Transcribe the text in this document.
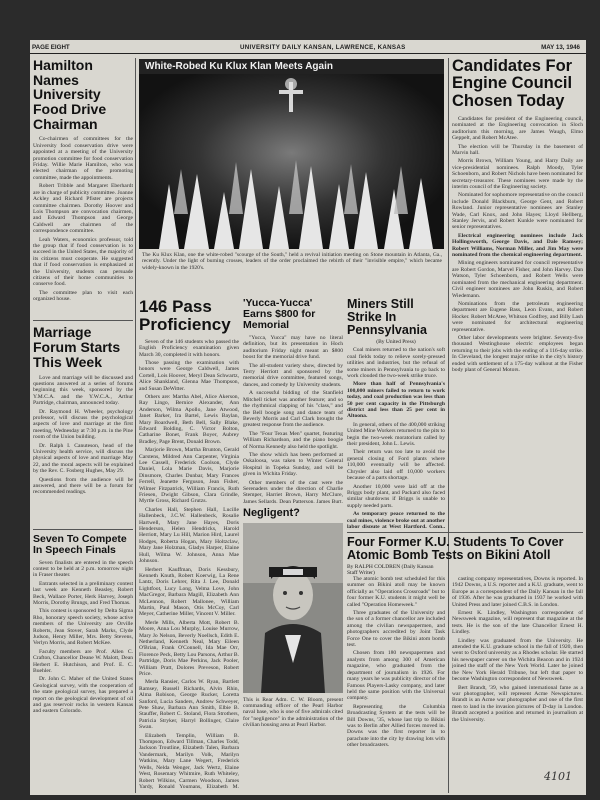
PAGE EIGHT	UNIVERSITY DAILY KANSAN, LAWRENCE, KANSAS	MAY 13, 1946
Hamilton Names University Food Drive Chairman

Co-chairmen of committees for the University food conservation drive were appointed at a meeting of the University promotion committee for food conservation Friday. Willie Marie Hamilton, who was elected chairman of the promoting committee, made the appointments.

Robert Tribble and Margaret Eberhardt are in charge of publicity committee. Joanne Ackley and Richard Pfister are projects committee chairmen. Dorothy Hoover and Lois Thompson are convocation chairmen, and Edward Thompson and George Caldwell are chairmen of the correspondence committee.

Leah Waters, economics professor, told the group that if food conservation is to succeed in the United States, the majority of its citizens must cooperate. He suggested that if food conservation is emphasized at the University, students can persuade citizens of their home communities to conserve food.

The committee plan to visit each organized house.

Marriage Forum Starts This Week

Love and marriage will be discussed and questions answered at a series of forums beginning this week, sponsored by the Y.M.C.A. and the Y.W.C.A., Arthur Partridge, chairman, announced today.

Dr. Raymond H. Wheeler, psychology professor, will discuss the psychological aspects of love and marriage at the first meeting, Wednesday at 7:30 p.m. in the Pine room of the Union building.

Dr. Ralph I. Canuteson, head of the University health service, will discuss the physical aspects of love and marriage May 22, and the moral aspects will be explained by the Rev. C. Fosberg Hughes, May 29.

Questions from the audience will be answered, and there will be a forum for recommended readings.

Seven To Compete In Speech Finals

Seven finalists are entered in the speech contest to be held at 2 p.m. tomorrow night in Fraser theater.

Entrants selected in a preliminary contest last week are Kenneth Beasley, Robert Beck, Wallace Porter, Herk Harvey, Joseph Morris, Dorothy Brungs, and Fred Thomas.

This contest is sponsored by Delta Sigma Rho, honorary speech society, whose active members of the University are Orville Roberts, Jean Stover, Sarah Marks, Clyde Judson, Henry Miller, Mrs. Betty Stevens, Verlyn Morris, and Robert McKee.

Faculty members are Prof. Allen C. Crafton, Chancellor Deane W. Malott, Dean Herbert E. Hutchison, and Prof. E. C. Buehler.

Dr. John C. Maher of the United States Geological survey, with the cooperation of the state geological survey, has prepared a report on the geological development of oil and gas reservoir rocks in western Kansas and eastern Colorado.

White-Robed Ku Klux Klan Meets Again
The Ku Klux Klan, one the white-robed "scourge of the South," held a revival initiation meeting on Stone mountain in Atlanta, Ga., recently. Under the light of burning crosses, leaders of the order proclaimed the rebirth of their "invisible empire," which became widely-known in the 1920's.
146 Pass Proficiency

Seven of the 146 students who passed the English Proficiency examination given March 30, completed it with honors.

Those passing the examination with honors were George Caldwell, James Cortell, Lois Hoover, Meryl Dean Schwartz, Alice Shankland, Glenna Mae Thompson, and Susan DeWitter.

Others are: Martha Abel, Alice Akerson, Ray Lingo, Bernice Alexander, Ann Anderson, Wilma Apollo, Jane Atwood, Janet Barker, Ira Bartel, Lewis Baylan, Mary Boardwell, Beth Bell, Sally Blake, Edward Bolding, C. Victor Bolton, Catharine Bonet, Frank Boyer, Aubrey Bradley, Page Brent, Donald Brown.

Marjorie Brown, Martha Brunton, Gerald Carstens, Mildred Ann Carpenter, Virginia Lee Cassell, Frederick Coolson, Clyde Daniel, Lola Marie Davis, Marjorie Dinsmore, Charles Dunbar, Mary Frances Ferrell, Jeanette Ferguson, Jean Fisher, Wilmer Fitzpatrick, William Francis, Ruth Friesen, Dwight Gibson, Clara Grindle, Myrtle Gross, Richard Grutzs.

Charles Hall, Stephen Hall, Lucille Hallenbeck, J.C.W. Hallenbeck, Rosalie Hartwell, Mary Jane Hayes, Doris Henderson, Helen Hendricks, Harold Herriott, Mary Lu Hill, Marion Hird, Laurel Hodges, Roberta Hogan, Mary Holtzclaw, Mary Jane Holzman, Gladys Harper, Elaine Hull, Wilma W. Johnson, Anna Mae Johnson.

Herbert Kauffman, Doris Kessbury, Kenneth Knuth, Robert Koerwig, La Rene Lantz, Doris Lehrer, Rita J. Lee, Donald Lightfoot, Lucy Long, Velma Love, John MacGregor, Barbara Magill, Elizabeth Ann McLennon, Robert Mallonee, William Martin, Paul Mason, Otis McCoy, Carl Meyer, Catherine Miller, Vincent V. Miller.

Merle Mills, Alberta Mott, Robert B. Moore, Anna Lou Murphy, Louise Murrow, Mary Jo Nelson, Beverly Noellsch, Edith E. Netherland, Kenneth Neal, Mary Eileen O'Brian, Frank O'Connell, Ida Mae Orr, Florence Peck, Betty Lou Parsons, Arthur B. Partridge, Doris Mae Perkins, Jack Pooler, William Pratt, Dolores Preveson, Robert Price.

Merla Ransier, Carlos W. Ryan, Bartlett Ramsey, Russell Richards, Alvin Rhin, Alma Robison, George Rucker, Loretta Sanford, Lucia Sanders, Andrew Schweyer, Pete Shaw, Barbara Ann Smith, Elbie B. Stauffer, Robert C. Stoland, Flora Strothers, Patricia Stryker, Harryl Bollinger, Claire Swan.

Elizabeth Templin, William B. Thompson, Edward Tillman, Charles Todd, Jackson Troutline, Elizabeth Talen, Barbara Vandermark, Marilyn Volk, Marilyn Watkins, Mary Lane Wegert, Frederick Wells, Nelda Wenger, Jack Wertz, Elaine West, Rosemary Whitmire, Ruth Whiteley, Robert Wilkins, Carmen Woodson, James Yardy, Ronald Youmans, Elizabeth M.

'Yucca-Yucca' Earns $800 for Memorial

"Yucca, Yucca" may have no literal definition, but its presentation in Hoch auditorium Friday night meant an $800 boost for the memorial drive fund.

The all-student variety show, directed by Terry Herriott and sponsored by the memorial drive committee, featured songs, dances, and comedy by University students.

A successful bidding of the Stanfield Mitchell ticket was another feature; and so the rhythmical clapping of his "class," and the Bell boogie song and dance team of Beverly Morris and Carl Clark brought the greatest response from the audience.

The "Four Texas Men" quartet, featuring William Richardson, and the piano boogie of Norma Kennedy also held the spotlight.

The show which has been performed at Oskaloosa, was taken to Winter General Hospital in Topeka Sunday, and will be given in Wichita Friday.

Other members of the cast were the Serenaders under the direction of Charlie Stemper, Harriet Brown, Harry McClure, James Sellards, Dean Patterson, James Burt,

Negligent?
This is Rear Adm. C. W. Bloom, present commanding officer of the Pearl Harbor naval base, who is one of five admirals cited for "negligence" in the administration of the civilian housing area at Pearl Harbor.
Miners Still Strike In Pennsylvania
(By United Press)

Coal miners returned to the nation's soft coal fields today to relieve sorely-pressed utilities and industries, but the refusal of some miners in Pennsylvania to go back to work clouded the two-week strike truce.

More than half of Pennsylvania's 100,000 miners failed to return to work today, and coal production was less than 50 per cent capacity in the Pittsburgh district and less than 25 per cent in Altoona.

In general, others of the 400,000 striking United Mine Workers returned to the pits to begin the two-week moratorium called by their president, John L. Lewis.

Their return was too late to avoid the general closing of Ford plants where 110,000 eventually will be affected. Chrysler also laid off 10,000 workers because of a parts shortage.

Another 10,000 were laid off at the Briggs body plant, and Packard also faced similar shutdowns if Briggs is unable to supply needed parts.

As temporary peace returned to the coal mines, violence broke out at another labor dispute at West Hartford, Conn.,

Four Former K.U. Students To Cover Atomic Bomb Tests on Bikini Atoll
By RALPH COLDREN (Daily Kansan Staff Writer)

The atomic bomb test scheduled for this summer on Bikini atoll may be known officially as "Operations Crossroads" but to four former K.U. students it might well be called "Operation Homeweek."

Three graduates of the University and the son of a former chancellor are included among the civilian newspapermen, and photographers accredited by Joint Task Force One to cover the Bikini atom bomb test.

Chosen from 180 newspapermen and analysts from among 300 of American magazine, who graduated from the department of journalism in 1926. For many years he was publicity director of the Famous Players-Lasky company, and later held the same position with the Universal company.

Representing the Columbia Broadcasting System at the tests will be Bill Downs, '35, whose last trip to Bikini was to Berlin after Allied forces moved in. Downs was the first reporter in to parachute into the city by drawing lots with other broadcasters.

casting company representatives, Downs is reported. In 1942 Downs, a U.S. reporter and a K.U. graduate, went to Europe as a correspondent of the Daily Kansan in the fall of 1936. After he was graduated in 1937 he worked with United Press and later joined C.B.S. in London.

Ernest K. Lindley, Washington correspondent of Newsweek magazine, will represent that magazine at the tests. He is the son of the late Chancellor Ernest H. Lindley.

Lindley was graduated from the University. He attended the K.U. graduate school in the fall of 1920, then went to Oxford university as a Rhodes scholar. He started his newspaper career on the Wichita Beacon and in 1924 joined the staff of the New York World. Later he joined the New York Herald Tribune, but left that paper to become Washington correspondent of Newsweek.

Bert Brandt, '39, who gained international fame as a war photographer, will represent Acme Newspictures. Brandt is an Acme war photographer and one of the first men to land in the invasion pictures of D-day in London. Brandt accepted a position and returned in journalism at the University.

Candidates For Engine Council Chosen Today

Candidates for president of the Engineering council, nominated at the Engineering convocation in Sloch auditorium this morning, are James Waugh, Elmo Geppelt, and Robert McAtee.

The election will be Thursday in the basement of Marvin hall.

Morris Brown, William Young, and Harry Daily are vice-presidential nominees. Ralph Moody, Tyler Schoenborn, and Robert Nichols have been nominated for secretary-treasurer. These nominees were made by the interim council of the Engineering society.

Nominated for sophomore representative on the council include Donald Blackburn, George Gent, and Robert Rowland. Junior representative nominees are Stanley Wade, Carl Knox, and John Hayes; Lloyd Hellberg, Stanley Jervis, and Robert Kunkle were nominated for senior representatives.

Electrical engineering nominees include Jack Hollingsworth, George Davis, and Dale Ramsey; Robert Williams, Norman Miller, and Jim May were nominated from the chemical engineering department.

Mining engineers nominated for council representative are Robert Gordon, Marvel Fisher, and John Harvey. Dan Watson, Tyler Schoenborn, and Robert Wells were nominated from the mechanical engineering department. Civil engineer nominees are John Ruskin, and Robert Wiedemann.

Nominations from the petroleum engineering department are Eugene Bass, Leon Evans, and Robert Hocker. Robert McAtee, Whitson Godfrey, and Billy Lash were nominated for architectural engineering representative.

Other labor developments were brighter. Seventy-five thousand Westinghouse electric employees began returning to their jobs with the ending of a 116-day strike. In Cleveland, the longest major strike in the city's history ended with settlement of a 175-day walkout at the Fisher body plant of General Motors.

4101
